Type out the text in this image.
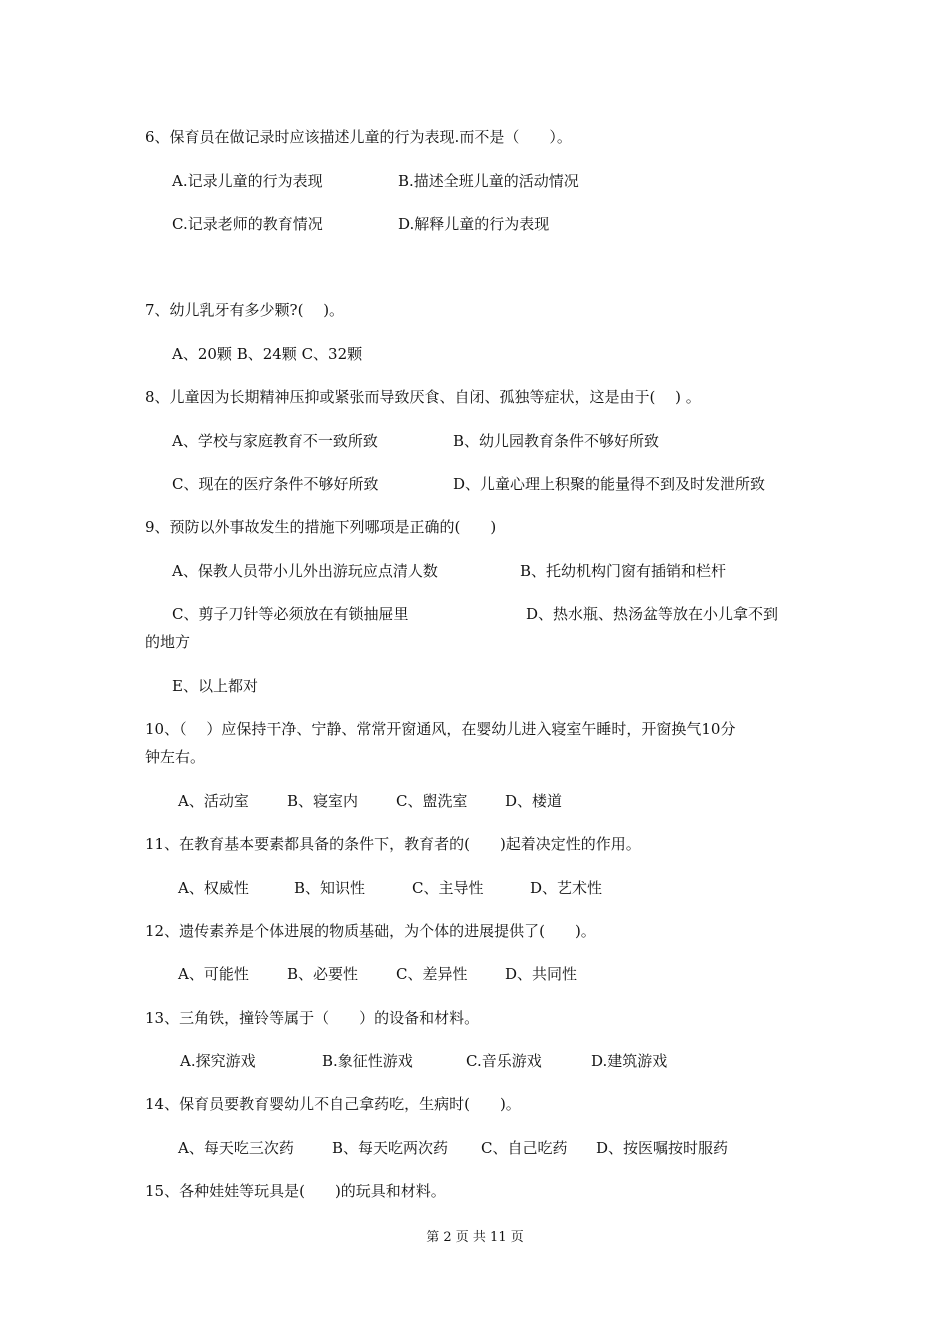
6、保育员在做记录时应该描述儿童的行为表现.而不是（　　）。
A.记录儿童的行为表现	B.描述全班儿童的活动情况
C.记录老师的教育情况	D.解释儿童的行为表现
7、幼儿乳牙有多少颗?(　 )。
A、20颗 B、24颗 C、32颗
8、儿童因为长期精神压抑或紧张而导致厌食、自闭、孤独等症状，这是由于(　 ) 。
A、学校与家庭教育不一致所致	B、幼儿园教育条件不够好所致
C、现在的医疗条件不够好所致	D、儿童心理上积聚的能量得不到及时发泄所致
9、预防以外事故发生的措施下列哪项是正确的(　　)
A、保教人员带小儿外出游玩应点清人数	B、托幼机构门窗有插销和栏杆
C、剪子刀针等必须放在有锁抽屉里	D、热水瓶、热汤盆等放在小儿拿不到
的地方
E、以上都对
10、（　 ）应保持干净、宁静、常常开窗通风，在婴幼儿进入寝室午睡时，开窗换气10分
钟左右。
A、活动室	B、寝室内	C、盥洗室	D、楼道
11、在教育基本要素都具备的条件下，教育者的(　　)起着决定性的作用。
A、权威性	B、知识性	C、主导性	D、艺术性
12、遗传素养是个体进展的物质基础，为个体的进展提供了(　　)。
A、可能性	B、必要性	C、差异性	D、共同性
13、三角铁，撞铃等属于（　　）的设备和材料。
A.探究游戏	B.象征性游戏	C.音乐游戏	D.建筑游戏
14、保育员要教育婴幼儿不自己拿药吃，生病时(　　)。
A、每天吃三次药	B、每天吃两次药 C、自己吃药 D、按医嘱按时服药
15、各种娃娃等玩具是(　　)的玩具和材料。
第 2 页 共 11 页
